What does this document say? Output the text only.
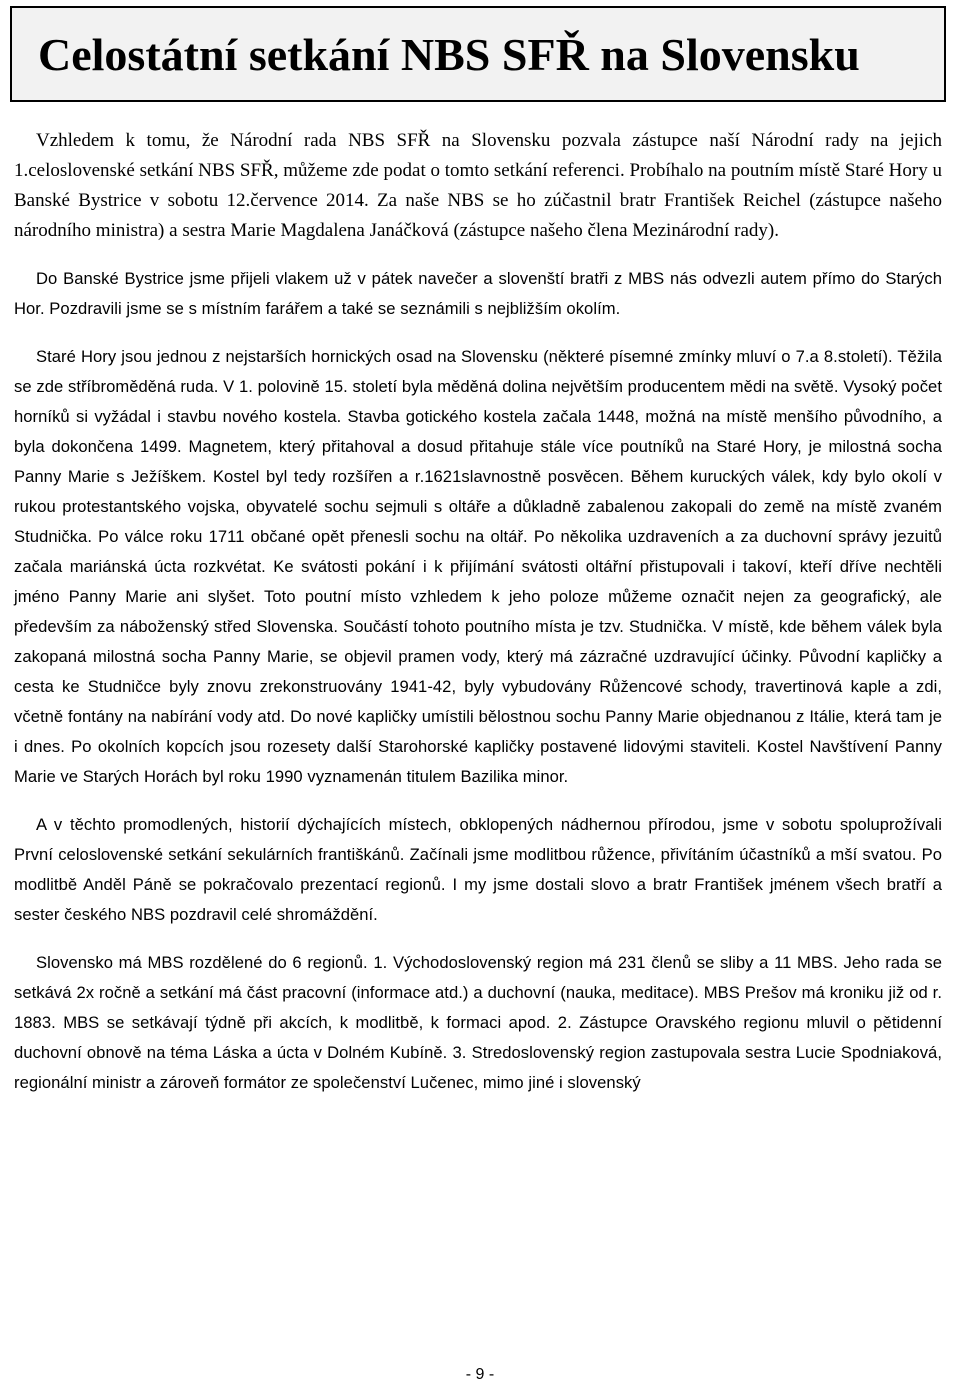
Celostátní setkání NBS SFŘ na Slovensku

Vzhledem k tomu, že Národní rada NBS SFŘ na Slovensku pozvala zástupce naší Národní rady na jejich 1.celoslovenské setkání NBS SFŘ, můžeme zde podat o tomto setkání referenci. Probíhalo na poutním místě Staré Hory u Banské Bystrice v sobotu 12.července 2014. Za naše NBS se ho zúčastnil bratr František Reichel (zástupce našeho národního ministra) a sestra Marie Magdalena Janáčková (zástupce našeho člena Mezinárodní rady).

Do Banské Bystrice jsme přijeli vlakem už v pátek navečer a slovenští bratři z MBS nás odvezli autem přímo do Starých Hor. Pozdravili jsme se s místním farářem a také se seznámili s nejbližším okolím.

Staré Hory jsou jednou z nejstarších hornických osad na Slovensku (některé písemné zmínky mluví o 7.a 8.století). Těžila se zde stříbroměděná ruda. V 1. polovině 15. století byla měděná dolina největším producentem mědi na světě. Vysoký počet horníků si vyžádal i stavbu nového kostela. Stavba gotického kostela začala 1448, možná na místě menšího původního, a byla dokončena 1499. Magnetem, který přitahoval a dosud přitahuje stále více poutníků na Staré Hory, je milostná socha Panny Marie s Ježíškem. Kostel byl tedy rozšířen a r.1621slavnostně posvěcen. Během kuruckých válek, kdy bylo okolí v rukou protestantského vojska, obyvatelé sochu sejmuli s oltáře a důkladně zabalenou zakopali do země na místě zvaném Studnička. Po válce roku 1711 občané opět přenesli sochu na oltář. Po několika uzdraveních a za duchovní správy jezuitů začala mariánská úcta rozkvétat. Ke svátosti pokání i k přijímání svátosti oltářní přistupovali i takoví, kteří dříve nechtěli jméno Panny Marie ani slyšet. Toto poutní místo vzhledem k jeho poloze můžeme označit nejen za geografický, ale především za náboženský střed Slovenska. Součástí tohoto poutního místa je tzv. Studnička. V místě, kde během válek byla zakopaná milostná socha Panny Marie, se objevil pramen vody, který má zázračné uzdravující účinky. Původní kapličky a cesta ke Studničce byly znovu zrekonstruovány 1941-42, byly vybudovány Růžencové schody, travertinová kaple a zdi, včetně fontány na nabírání vody atd. Do nové kapličky umístili bělostnou sochu Panny Marie objednanou z Itálie, která tam je i dnes. Po okolních kopcích jsou rozesety další Starohorské kapličky postavené lidovými staviteli. Kostel Navštívení Panny Marie ve Starých Horách byl roku 1990 vyznamenán titulem Bazilika minor.

A v těchto promodlených, historií dýchajících místech, obklopených nádhernou přírodou, jsme v sobotu spoluprožívali První celoslovenské setkání sekulárních františkánů. Začínali jsme modlitbou růžence, přivítáním účastníků a mší svatou. Po modlitbě Anděl Páně se pokračovalo prezentací regionů. I my jsme dostali slovo a bratr František jménem všech bratří a sester českého NBS pozdravil celé shromáždění.

Slovensko má MBS rozdělené do 6 regionů. 1. Východoslovenský region má 231 členů se sliby a 11 MBS. Jeho rada se setkává 2x ročně a setkání má část pracovní (informace atd.) a duchovní (nauka, meditace). MBS Prešov má kroniku již od r. 1883. MBS se setkávají týdně při akcích, k modlitbě, k formaci apod. 2. Zástupce Oravského regionu mluvil o pětidenní duchovní obnově na téma Láska a úcta v Dolném Kubíně. 3. Stredoslovenský region zastupovala sestra Lucie Spodniaková, regionální ministr a zároveň formátor ze společenství Lučenec, mimo jiné i slovenský

- 9 -
